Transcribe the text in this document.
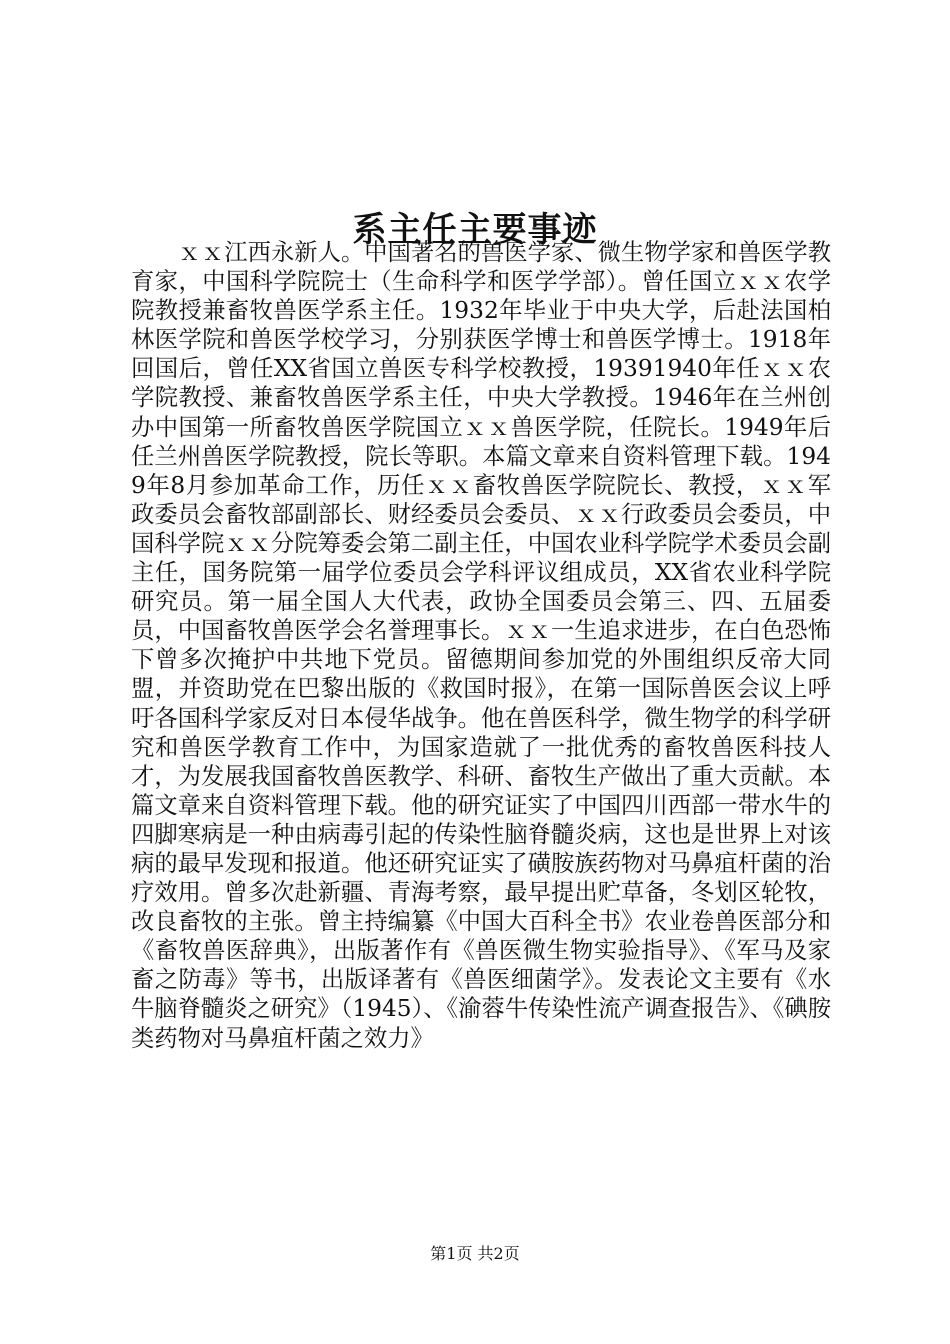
系主任主要事迹

ｘｘ江西永新人。中国著名的兽医学家、微生物学家和兽医学教育家，中国科学院院士（生命科学和医学学部）。曾任国立ｘｘ农学院教授兼畜牧兽医学系主任。1932年毕业于中央大学，后赴法国柏林医学院和兽医学校学习，分别获医学博士和兽医学博士。1918年回国后，曾任XX省国立兽医专科学校教授，19391940年任ｘｘ农学院教授、兼畜牧兽医学系主任，中央大学教授。1946年在兰州创办中国第一所畜牧兽医学院国立ｘｘ兽医学院，任院长。1949年后任兰州兽医学院教授，院长等职。本篇文章来自资料管理下载。1949年8月参加革命工作，历任ｘｘ畜牧兽医学院院长、教授，ｘｘ军政委员会畜牧部副部长、财经委员会委员、ｘｘ行政委员会委员，中国科学院ｘｘ分院筹委会第二副主任，中国农业科学院学术委员会副主任，国务院第一届学位委员会学科评议组成员，XX省农业科学院研究员。第一届全国人大代表，政协全国委员会第三、四、五届委员，中国畜牧兽医学会名誉理事长。ｘｘ一生追求进步，在白色恐怖下曾多次掩护中共地下党员。留德期间参加党的外围组织反帝大同盟，并资助党在巴黎出版的《救国时报》，在第一国际兽医会议上呼吁各国科学家反对日本侵华战争。他在兽医科学，微生物学的科学研究和兽医学教育工作中，为国家造就了一批优秀的畜牧兽医科技人才，为发展我国畜牧兽医教学、科研、畜牧生产做出了重大贡献。本篇文章来自资料管理下载。他的研究证实了中国四川西部一带水牛的四脚寒病是一种由病毒引起的传染性脑脊髓炎病，这也是世界上对该病的最早发现和报道。他还研究证实了磺胺族药物对马鼻疽杆菌的治疗效用。曾多次赴新疆、青海考察，最早提出贮草备，冬划区轮牧，改良畜牧的主张。曾主持编纂《中国大百科全书》农业卷兽医部分和《畜牧兽医辞典》，出版著作有《兽医微生物实验指导》、《军马及家畜之防毒》等书，出版译著有《兽医细菌学》。发表论文主要有《水牛脑脊髓炎之研究》（1945）、《渝蓉牛传染性流产调查报告》、《碘胺类药物对马鼻疽杆菌之效力》

第1页 共2页
